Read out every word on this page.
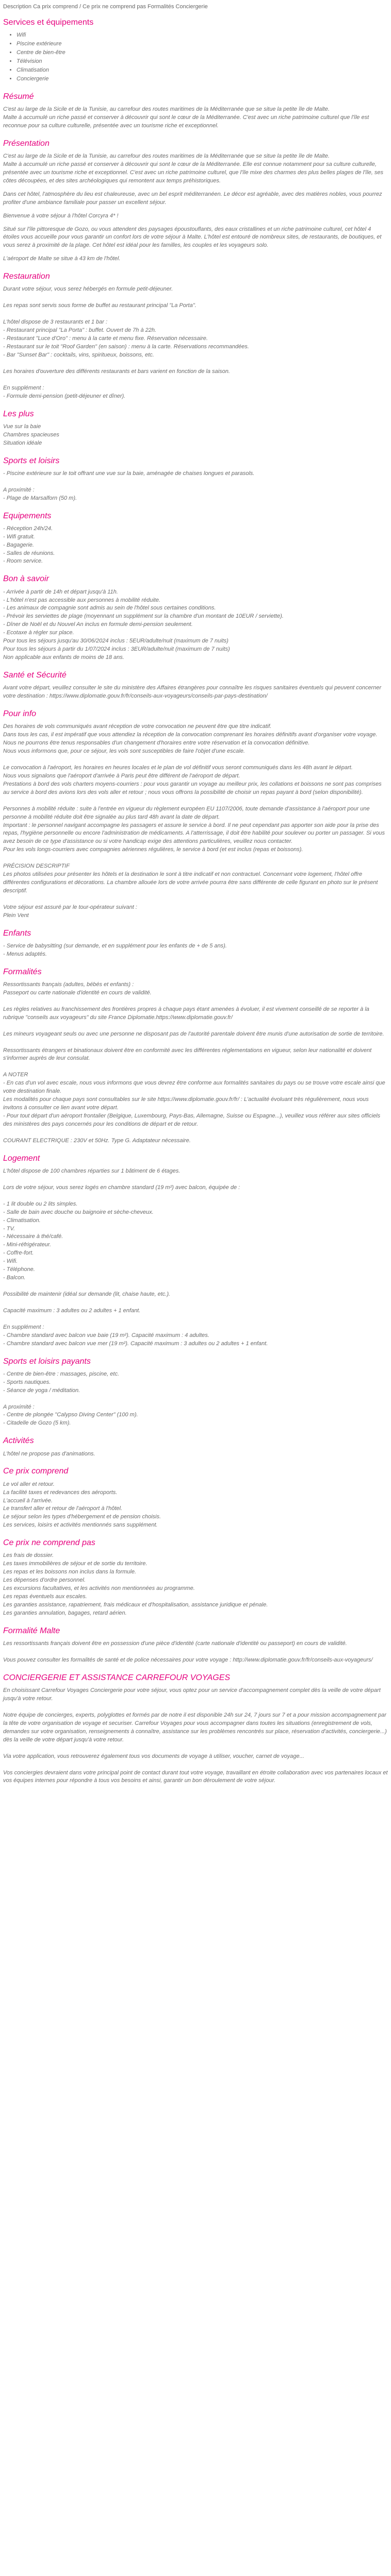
Description Ca prix comprend / Ce prix ne comprend pas Formalités Conciergerie
Services et équipements
• Wifi
• Piscine extérieure
• Centre de bien-être
• Télévision
• Climatisation
• Conciergerie
Résumé
C'est au large de la Sicile et de la Tunisie, au carrefour des routes maritimes de la Méditerranée que se situe la petite île de Malte.
Malte à accumulé un riche passé et conserver à découvrir qui sont le cœur de la Méditerranée. C'est avec un riche patrimoine culturel que l'île est reconnue pour sa culture culturelle, présentée avec un tourisme riche et exceptionnel.
Présentation
C'est au large de la Sicile et de la Tunisie, au carrefour des routes maritimes de la Méditerranée que se situe la petite île de Malte.
Malte à accumulé un riche passé et conserver à découvrir qui sont le cœur de la Méditerranée. Elle est connue notamment pour sa culture culturelle, présentée avec un tourisme riche et exceptionnel. C'est avec un riche patrimoine culturel, que l'île mixe des charmes des plus belles plages de l'île, ses côtes découpées, et des sites archéologiques qui remontent aux temps préhistoriques.
Dans cet hôtel, l'atmosphère du lieu est chaleureuse, avec un bel esprit méditerranéen. Le décor est agréable, avec des matières nobles, vous pourrez profiter d'une ambiance familiale pour passer un excellent séjour.
Bienvenue à votre séjour à l'hôtel Corcyra 4* !
Situé sur l'île pittoresque de Gozo, ou vous attendent des paysages époustouflants, des eaux cristallines et un riche patrimoine culturel, cet hôtel 4 étoiles vous accueille pour vous garantir un confort lors de votre séjour à Malte. L'hôtel est entouré de nombreux sites, de restaurants, de boutiques, et vous serez à proximité de la plage. Cet hôtel est idéal pour les familles, les couples et les voyageurs solo.
L'aéroport de Malte se situe à 43 km de l'hôtel.
Restauration
Durant votre séjour, vous serez hébergés en formule petit-déjeuner.

Les repas sont servis sous forme de buffet au restaurant principal "La Porta".

L'hôtel dispose de 3 restaurants et 1 bar :
- Restaurant principal "La Porta" : buffet. Ouvert de 7h à 22h.
- Restaurant "Luce d'Oro" : menu à la carte et menu fixe. Réservation nécessaire.
- Restaurant sur le toit "Roof Garden" (en saison) : menu à la carte. Réservations recommandées.
- Bar "Sunset Bar" : cocktails, vins, spiritueux, boissons, etc.

Les horaires d'ouverture des différents restaurants et bars varient en fonction de la saison.

En supplément :
- Formule demi-pension (petit-déjeuner et dîner).
Les plus
Vue sur la baie
Chambres spacieuses
Situation idéale
Sports et loisirs
- Piscine extérieure sur le toit offrant une vue sur la baie, aménagée de chaises longues et parasols.

A proximité :
- Plage de Marsalforn (50 m).
Equipements
- Réception 24h/24.
- Wifi gratuit.
- Bagagerie.
- Salles de réunions.
- Room service.
Bon à savoir
- Arrivée à partir de 14h et départ jusqu'à 11h.
- L'hôtel n'est pas accessible aux personnes à mobilité réduite.
- Les animaux de compagnie sont admis au sein de l'hôtel sous certaines conditions.
- Prévoir les serviettes de plage (moyennant un supplément sur la chambre d'un montant de 10EUR / serviette).
- Dîner de Noël et du Nouvel An inclus en formule demi-pension seulement.
- Ecotaxe à régler sur place.
Pour tous les séjours jusqu'au 30/06/2024 inclus : 5EUR/adulte/nuit (maximum de 7 nuits)
Pour tous les séjours à partir du 1/07/2024 inclus : 3EUR/adulte/nuit (maximum de 7 nuits)
Non applicable aux enfants de moins de 18 ans.
Santé et Sécurité
Avant votre départ, veuillez consulter le site du ministère des Affaires étrangères pour connaître les risques sanitaires éventuels qui peuvent concerner votre destination : https://www.diplomatie.gouv.fr/fr/conseils-aux-voyageurs/conseils-par-pays-destination/
Pour info
Des horaires de vols communiqués avant réception de votre convocation ne peuvent être que titre indicatif.
Dans tous les cas, il est impératif que vous attendiez la réception de la convocation comprenant les horaires définitifs avant d'organiser votre voyage.
Nous ne pourrons être tenus responsables d'un changement d'horaires entre votre réservation et la convocation définitive.
Nous vous informons que, pour ce séjour, les vols sont susceptibles de faire l'objet d'une escale.

Le convocation à l'aéroport, les horaires en heures locales et le plan de vol définitif vous seront communiqués dans les 48h avant le départ.
Nous vous signalons que l'aéroport d'arrivée à Paris peut être différent de l'aéroport de départ.
Prestations à bord des vols charters moyens-courriers : pour vous garantir un voyage au meilleur prix, les collations et boissons ne sont pas comprises au service à bord des avions lors des vols aller et retour ; nous vous offrons la possibilité de choisir un repas payant à bord (selon disponibilité).

Personnes à mobilité réduite : suite à l'entrée en vigueur du règlement européen EU 1107/2006, toute demande d'assistance à l'aéroport pour une personne à mobilité réduite doit être signalée au plus tard 48h avant la date de départ.
Important : le personnel navigant accompagne les passagers et assure le service à bord. Il ne peut cependant pas apporter son aide pour la prise des repas, l'hygiène personnelle ou encore l'administration de médicaments. A l'atterrissage, il doit être habilité pour soulever ou porter un passager. Si vous avez besoin de ce type d'assistance ou si votre handicap exige des attentions particulières, veuillez nous contacter.
Pour les vols longs-courriers avec compagnies aériennes régulières, le service à bord (et est inclus (repas et boissons).

PRÉCISION DESCRIPTIF
Les photos utilisées pour présenter les hôtels et la destination le sont à titre indicatif et non contractuel. Concernant votre logement, l'hôtel offre différentes configurations et décorations. La chambre allouée lors de votre arrivée pourra être sans différente de celle figurant en photo sur le présent descriptif.

Votre séjour est assuré par le tour-opérateur suivant :
Plein Vent
Enfants
- Service de babysitting (sur demande, et en supplément pour les enfants de + de 5 ans).
- Menus adaptés.
Formalités
Ressortissants français (adultes, bébés et enfants) :
Passeport ou carte nationale d'identité en cours de validité.

Les règles relatives au franchissement des frontières propres à chaque pays étant amenées à évoluer, il est vivement conseillé de se reporter à la rubrique "conseils aux voyageurs" du site France Diplomatie.https://www.diplomatie.gouv.fr/

Les mineurs voyageant seuls ou avec une personne ne disposant pas de l'autorité parentale doivent être munis d'une autorisation de sortie de territoire.

Ressortissants étrangers et binationaux doivent être en conformité avec les différentes réglementations en vigueur, selon leur nationalité et doivent s'informer auprès de leur consulat.

A NOTER
- En cas d'un vol avec escale, nous vous informons que vous devrez être conforme aux formalités sanitaires du pays ou se trouve votre escale ainsi que votre destination finale.
Les modalités pour chaque pays sont consultables sur le site https://www.diplomatie.gouv.fr/fr/ : L'actualité évoluant très régulièrement, nous vous invitons à consulter ce lien avant votre départ.
- Pour tout départ d'un aéroport frontalier (Belgique, Luxembourg, Pays-Bas, Allemagne, Suisse ou Espagne...), veuillez vous référer aux sites officiels des ministères des pays concernés pour les conditions de départ et de retour.

COURANT ELECTRIQUE : 230V et 50Hz. Type G. Adaptateur nécessaire.
Logement
L'hôtel dispose de 100 chambres réparties sur 1 bâtiment de 6 étages.

Lors de votre séjour, vous serez logés en chambre standard (19 m²) avec balcon, équipée de :

- 1 lit double ou 2 lits simples.
- Salle de bain avec douche ou baignoire et sèche-cheveux.
- Climatisation.
- TV.
- Nécessaire à thé/café.
- Mini-réfrigérateur.
- Coffre-fort.
- Wifi.
- Téléphone.
- Balcon.

Possibilité de maintenir (idéal sur demande (lit, chaise haute, etc.).

Capacité maximum : 3 adultes ou 2 adultes + 1 enfant.

En supplément :
- Chambre standard avec balcon vue baie (19 m²). Capacité maximum : 4 adultes.
- Chambre standard avec balcon vue mer (19 m²). Capacité maximum : 3 adultes ou 2 adultes + 1 enfant.
Sports et loisirs payants
- Centre de bien-être : massages, piscine, etc.
- Sports nautiques.
- Séance de yoga / méditation.

A proximité :
- Centre de plongée "Calypso Diving Center" (100 m).
- Citadelle de Gozo (5 km).
Activités
L'hôtel ne propose pas d'animations.
Ce prix comprend
Le vol aller et retour.
La facilité taxes et redevances des aéroports.
L'accueil à l'arrivée.
Le transfert aller et retour de l'aéroport à l'hôtel.
Le séjour selon les types d'hébergement et de pension choisis.
Les services, loisirs et activités mentionnés sans supplément.
Ce prix ne comprend pas
Les frais de dossier.
Les taxes immobilières de séjour et de sortie du territoire.
Les repas et les boissons non inclus dans la formule.
Les dépenses d'ordre personnel.
Les excursions facultatives, et les activités non mentionnées au programme.
Les repas éventuels aux escales.
Les garanties assistance, rapatriement, frais médicaux et d'hospitalisation, assistance juridique et pénale.
Les garanties annulation, bagages, retard aérien.
Formalité Malte
Les ressortissants français doivent être en possession d'une pièce d'identité (carte nationale d'identité ou passeport) en cours de validité.

Vous pouvez consulter les formalités de santé et de police nécessaires pour votre voyage : http://www.diplomatie.gouv.fr/fr/conseils-aux-voyageurs/
CONCIERGERIE ET ASSISTANCE CARREFOUR VOYAGES
En choisissant Carrefour Voyages Conciergerie pour votre séjour, vous optez pour un service d'accompagnement complet dès la veille de votre départ jusqu'à votre retour.

Notre équipe de concierges, experts, polyglottes et formés par de notre il est disponible 24h sur 24, 7 jours sur 7 et a pour mission accompagnement par la tête de votre organisation de voyage et securiser. Carrefour Voyages pour vous accompagner dans toutes les situations (enregistrement de vols, demandes sur votre organisation, renseignements à connaître, assistance sur les problèmes rencontrés sur place, réservation d'activités, conciergerie...) dès la veille de votre départ jusqu'à votre retour.

Via votre application, vous retrouverez également tous vos documents de voyage à utiliser, voucher, carnet de voyage...

Vos conciergies devraient dans votre principal point de contact durant tout votre voyage, travaillant en étroite collaboration avec vos partenaires locaux et vos équipes internes pour répondre à tous vos besoins et ainsi, garantir un bon déroulement de votre séjour.
